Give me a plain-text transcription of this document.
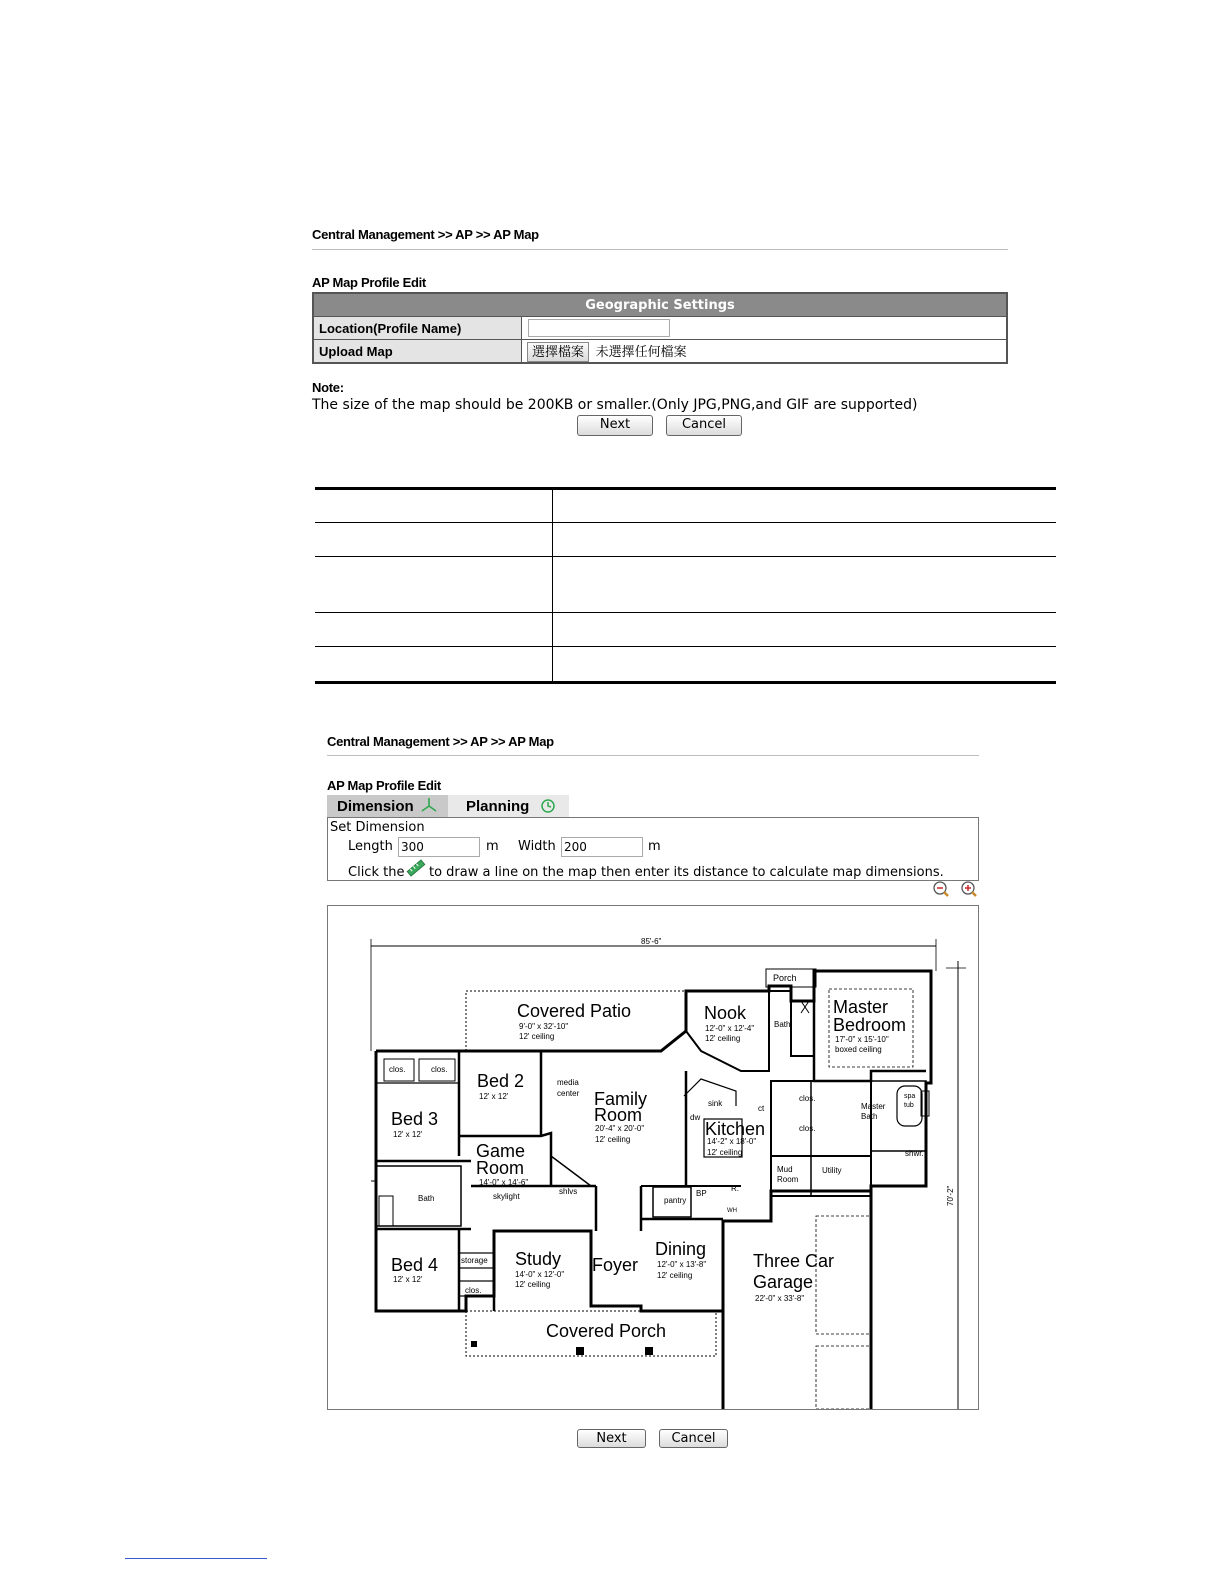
Central Management >> AP >> AP Map
AP Map Profile Edit
Geographic Settings	
Location(Profile Name)	

Upload Map	選擇檔案 未選擇任何檔案
Note:
The size of the map should be 200KB or smaller.(Only JPG,PNG,and GIF are supported)
Next	Cancel
Central Management >> AP >> AP Map
AP Map Profile Edit
Dimension	Planning
Set Dimension
Length 300	m Width 200	m
Click the to draw a line on the map then enter its distance to calculate map dimensions.
85'-6"
70'-2"
Porch
Covered Patio
9'-0" x 32'-10"
12' ceiling
Nook
12'-0" x 12'-4"
12' ceiling
Bath
Master
Bedroom
17'-0" x 15'-10"
boxed ceiling
clos.	clos.
Bed 2
12' x 12'
media
center Family
Room
20'-4" x 20'-0"
12' ceiling
sink
dw
clos.
clos.
Master
Bath
spa
tub
Bed 3
12' x 12'
Game
Room
14'-0" x 14'-6"
skylight
Kitchen
14'-2" x 18'-0"
12' ceiling
ct
shwr.
Bath
shlvs
pantry
BP
R.
Mud
Room
Utility
WH
Bed 4
12' x 12'
storage
clos.
Study
14'-0" x 12'-0"
12' ceiling
Foyer
Dining
12'-0" x 13'-8"
12' ceiling
Three Car
Garage
22'-0" x 33'-8"
Covered Porch
Next	Cancel
